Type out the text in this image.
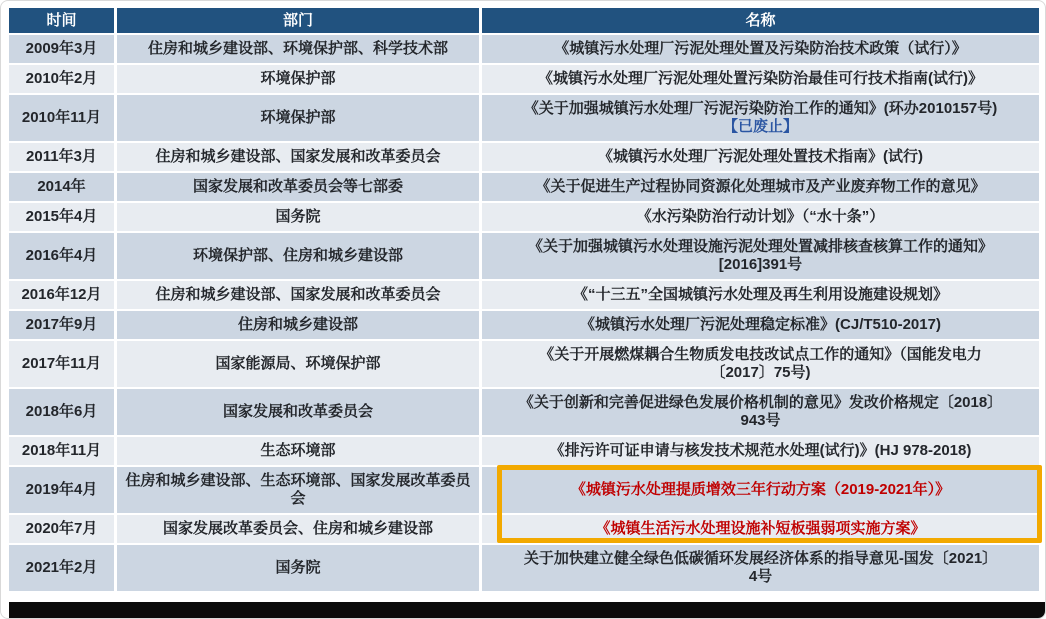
时间	部门	名称
2009年3月	住房和城乡建设部、环境保护部、科学技术部	《城镇污水处理厂污泥处理处置及污染防治技术政策（试行）》

2010年2月	环境保护部	《城镇污水处理厂污泥处理处置污染防治最佳可行技术指南(试行)》

2010年11月	环境保护部	《关于加强城镇污水处理厂污泥污染防治工作的通知》(环办2010157号)
【已废止】

2011年3月	住房和城乡建设部、国家发展和改革委员会	《城镇污水处理厂污泥处理处置技术指南》(试行)

2014年	国家发展和改革委员会等七部委	《关于促进生产过程协同资源化处理城市及产业废弃物工作的意见》

2015年4月	国务院	《水污染防治行动计划》（“水十条”）

2016年4月	环境保护部、住房和城乡建设部	《关于加强城镇污水处理设施污泥处理处置减排核查核算工作的通知》
[2016]391号

2016年12月	住房和城乡建设部、国家发展和改革委员会	《“十三五”全国城镇污水处理及再生利用设施建设规划》

2017年9月	住房和城乡建设部	《城镇污水处理厂污泥处理稳定标准》(CJ/T510-2017)

2017年11月	国家能源局、环境保护部	《关于开展燃煤耦合生物质发电技改试点工作的通知》（国能发电力
〔2017〕75号)

2018年6月	国家发展和改革委员会	《关于创新和完善促进绿色发展价格机制的意见》发改价格规定〔2018〕
943号

2018年11月	生态环境部	《排污许可证申请与核发技术规范水处理(试行)》(HJ 978-2018)

2019年4月	住房和城乡建设部、生态环境部、国家发展改革委员会	《城镇污水处理提质增效三年行动方案（2019-2021年）》

2020年7月	国家发展改革委员会、住房和城乡建设部	《城镇生活污水处理设施补短板强弱项实施方案》

2021年2月	国务院	关于加快建立健全绿色低碳循环发展经济体系的指导意见-国发〔2021〕
4号
